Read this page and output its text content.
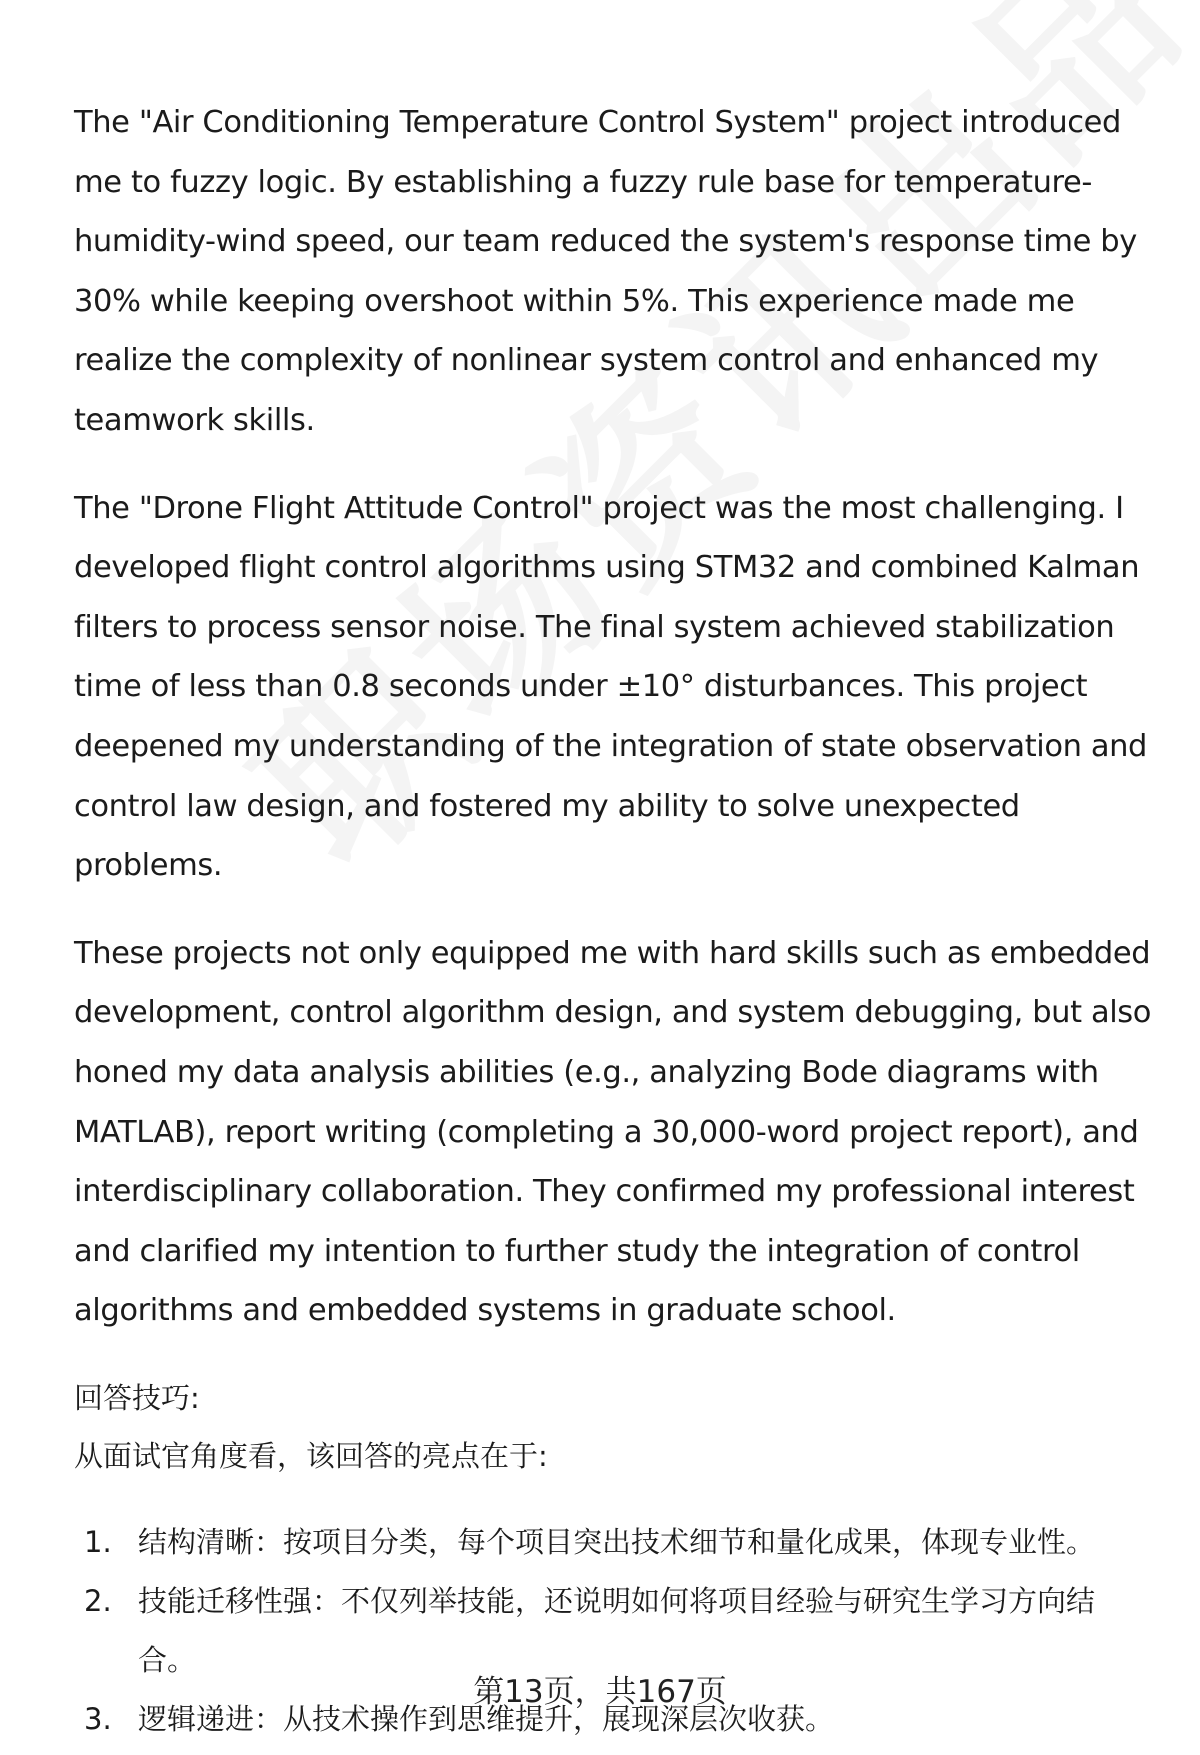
The "Air Conditioning Temperature Control System" project introduced me to fuzzy logic. By establishing a fuzzy rule base for temperature-humidity-wind speed, our team reduced the system's response time by 30% while keeping overshoot within 5%. This experience made me realize the complexity of nonlinear system control and enhanced my teamwork skills.

The "Drone Flight Attitude Control" project was the most challenging. I developed flight control algorithms using STM32 and combined Kalman filters to process sensor noise. The final system achieved stabilization time of less than 0.8 seconds under ±10° disturbances. This project deepened my understanding of the integration of state observation and control law design, and fostered my ability to solve unexpected problems.

These projects not only equipped me with hard skills such as embedded development, control algorithm design, and system debugging, but also honed my data analysis abilities (e.g., analyzing Bode diagrams with MATLAB), report writing (completing a 30,000-word project report), and interdisciplinary collaboration. They confirmed my professional interest and clarified my intention to further study the integration of control algorithms and embedded systems in graduate school.

回答技巧:

从面试官角度看，该回答的亮点在于:

1. 结构清晰：按项目分类，每个项目突出技术细节和量化成果，体现专业性。
2. 技能迁移性强：不仅列举技能，还说明如何将项目经验与研究生学习方向结合。
3. 逻辑递进：从技术操作到思维提升，展现深层次收获。
第13页，共167页
